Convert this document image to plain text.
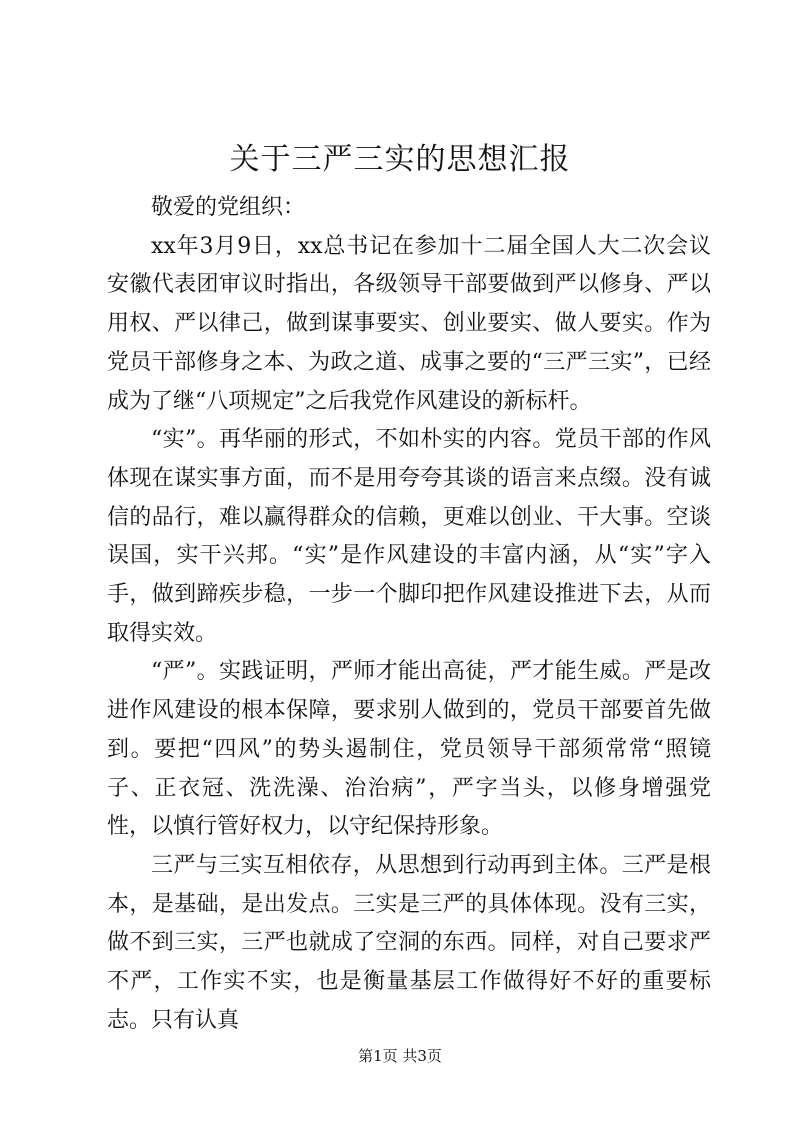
关于三严三实的思想汇报

敬爱的党组织：

xx年3月9日，xx总书记在参加十二届全国人大二次会议安徽代表团审议时指出，各级领导干部要做到严以修身、严以用权、严以律己，做到谋事要实、创业要实、做人要实。作为党员干部修身之本、为政之道、成事之要的“三严三实”，已经成为了继“八项规定”之后我党作风建设的新标杆。

“实”。再华丽的形式，不如朴实的内容。党员干部的作风体现在谋实事方面，而不是用夸夸其谈的语言来点缀。没有诚信的品行，难以赢得群众的信赖，更难以创业、干大事。空谈误国，实干兴邦。“实”是作风建设的丰富内涵，从“实”字入手，做到蹄疾步稳，一步一个脚印把作风建设推进下去，从而取得实效。

“严”。实践证明，严师才能出高徒，严才能生威。严是改进作风建设的根本保障，要求别人做到的，党员干部要首先做到。要把“四风”的势头遏制住，党员领导干部须常常“照镜子、正衣冠、洗洗澡、治治病”，严字当头，以修身增强党性，以慎行管好权力，以守纪保持形象。

三严与三实互相依存，从思想到行动再到主体。三严是根本，是基础，是出发点。三实是三严的具体体现。没有三实，做不到三实，三严也就成了空洞的东西。同样，对自己要求严不严，工作实不实，也是衡量基层工作做得好不好的重要标志。只有认真

第1页 共3页
